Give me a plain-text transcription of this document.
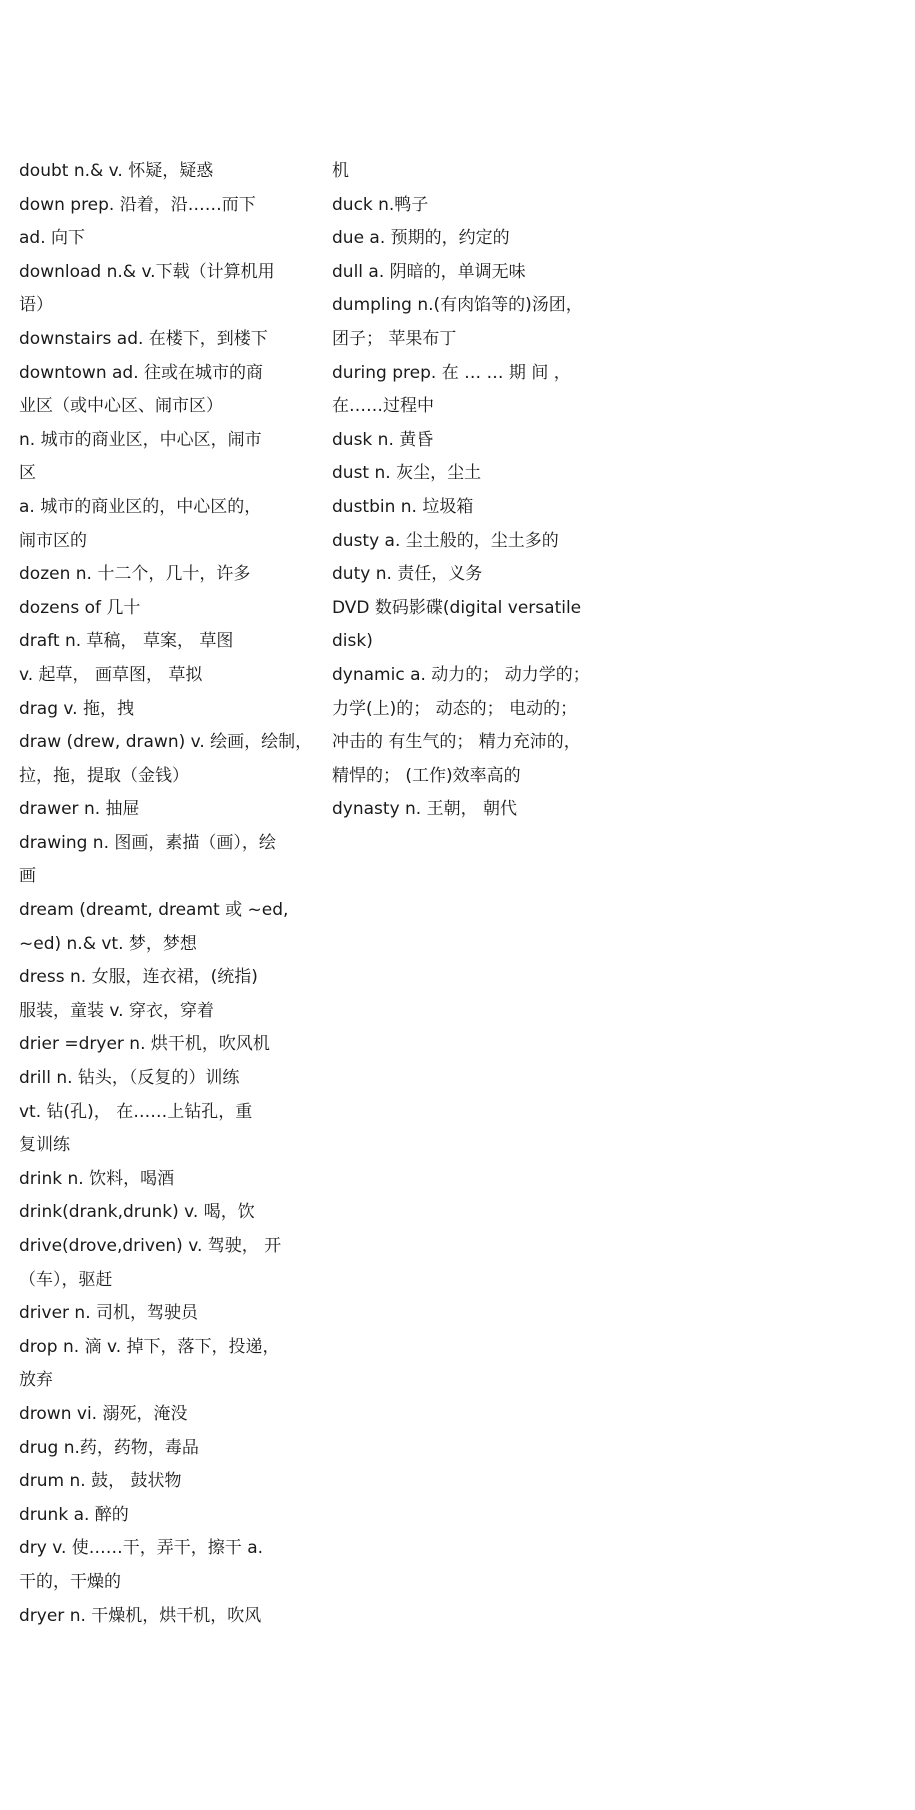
doubt n.& v. 怀疑，疑惑
down prep. 沿着，沿……而下
ad. 向下
download n.& v.下载（计算机用
语）
downstairs ad. 在楼下，到楼下
downtown ad. 往或在城市的商
业区（或中心区、闹市区）
n. 城市的商业区，中心区，闹市
区
a. 城市的商业区的，中心区的，
闹市区的
dozen n. 十二个，几十，许多
dozens of 几十
draft n. 草稿， 草案， 草图
v. 起草， 画草图， 草拟
drag v. 拖，拽
draw (drew, drawn) v. 绘画，绘制，
拉，拖，提取（金钱）
drawer n. 抽屉
drawing n. 图画，素描（画），绘
画
dream (dreamt, dreamt 或 ~ed,
~ed) n.& vt. 梦，梦想
dress n. 女服，连衣裙，(统指)
服装，童装 v. 穿衣，穿着
drier =dryer n. 烘干机，吹风机
drill n. 钻头，（反复的）训练
vt. 钻(孔)， 在……上钻孔，重
复训练
drink n. 饮料，喝酒
drink(drank,drunk) v. 喝，饮
drive(drove,driven) v. 驾驶， 开
（车），驱赶
driver n. 司机，驾驶员
drop n. 滴 v. 掉下，落下，投递，
放弃
drown vi. 溺死，淹没
drug n.药，药物，毒品
drum n. 鼓， 鼓状物
drunk a. 醉的
dry v. 使……干，弄干，擦干 a.
干的，干燥的
dryer n. 干燥机，烘干机，吹风
机
duck n.鸭子
due a. 预期的，约定的
dull a. 阴暗的，单调无味
dumpling n.(有肉馅等的)汤团，
团子； 苹果布丁
during prep. 在 … … 期 间 ，
在……过程中
dusk n. 黄昏
dust n. 灰尘，尘土
dustbin n. 垃圾箱
dusty a. 尘土般的，尘土多的
duty n. 责任，义务
DVD 数码影碟(digital versatile
disk)
dynamic a. 动力的； 动力学的；
力学(上)的； 动态的； 电动的；
冲击的 有生气的； 精力充沛的，
精悍的； (工作)效率高的
dynasty n. 王朝， 朝代
